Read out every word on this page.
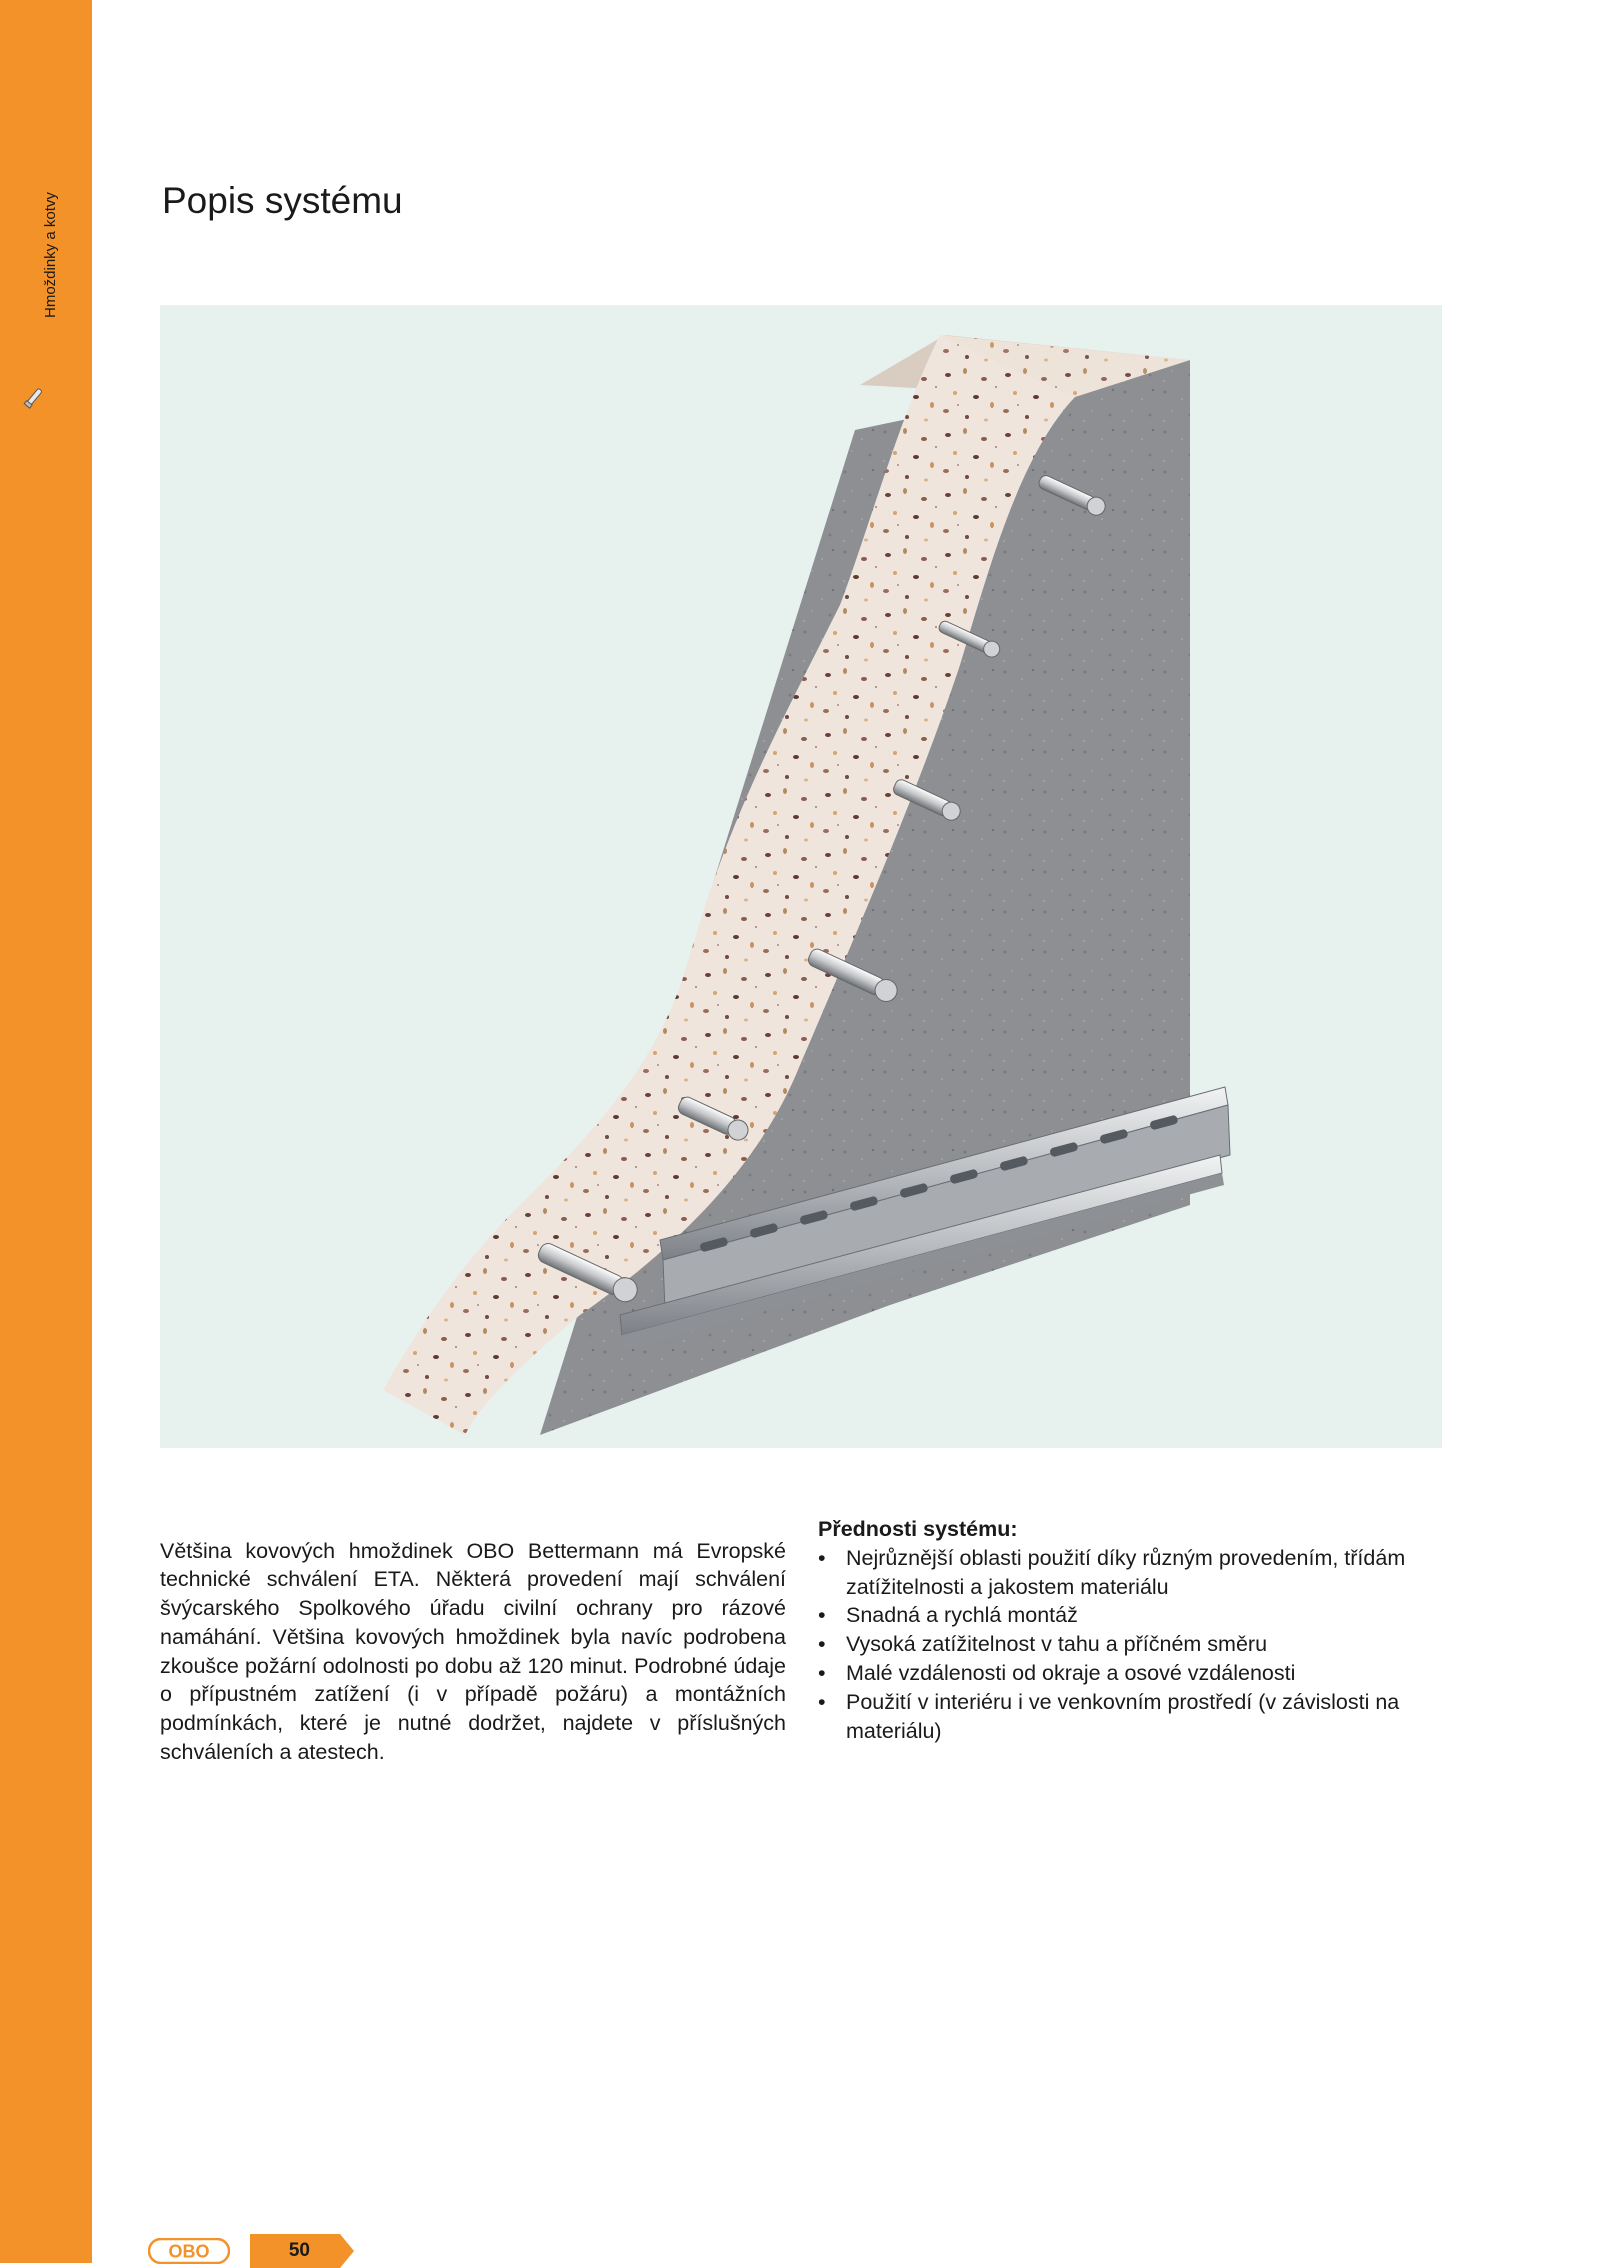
Hmoždinky a kotvy	Popis systému

Většina kovových hmoždinek OBO Bettermann má Evropské technické schválení ETA. Některá provedení mají schválení švýcarského Spolkového úřadu civilní ochrany pro rázové namáhání. Většina kovových hmoždinek byla navíc podrobena zkoušce požární odolnosti po dobu až 120 minut. Podrobné údaje o přípustném zatížení (i v případě požáru) a montážních podmínkách, které je nutné dodržet, najdete v příslušných schváleních a atestech.

Přednosti systému:
• Nejrůznější oblasti použití díky různým provedením, třídám zatížitelnosti a jakostem materiálu
• Snadná a rychlá montáž
• Vysoká zatížitelnost v tahu a příčném směru
• Malé vzdálenosti od okraje a osové vzdálenosti
• Použití v interiéru i ve venkovním prostředí (v závislosti na materiálu)
OBO	50
